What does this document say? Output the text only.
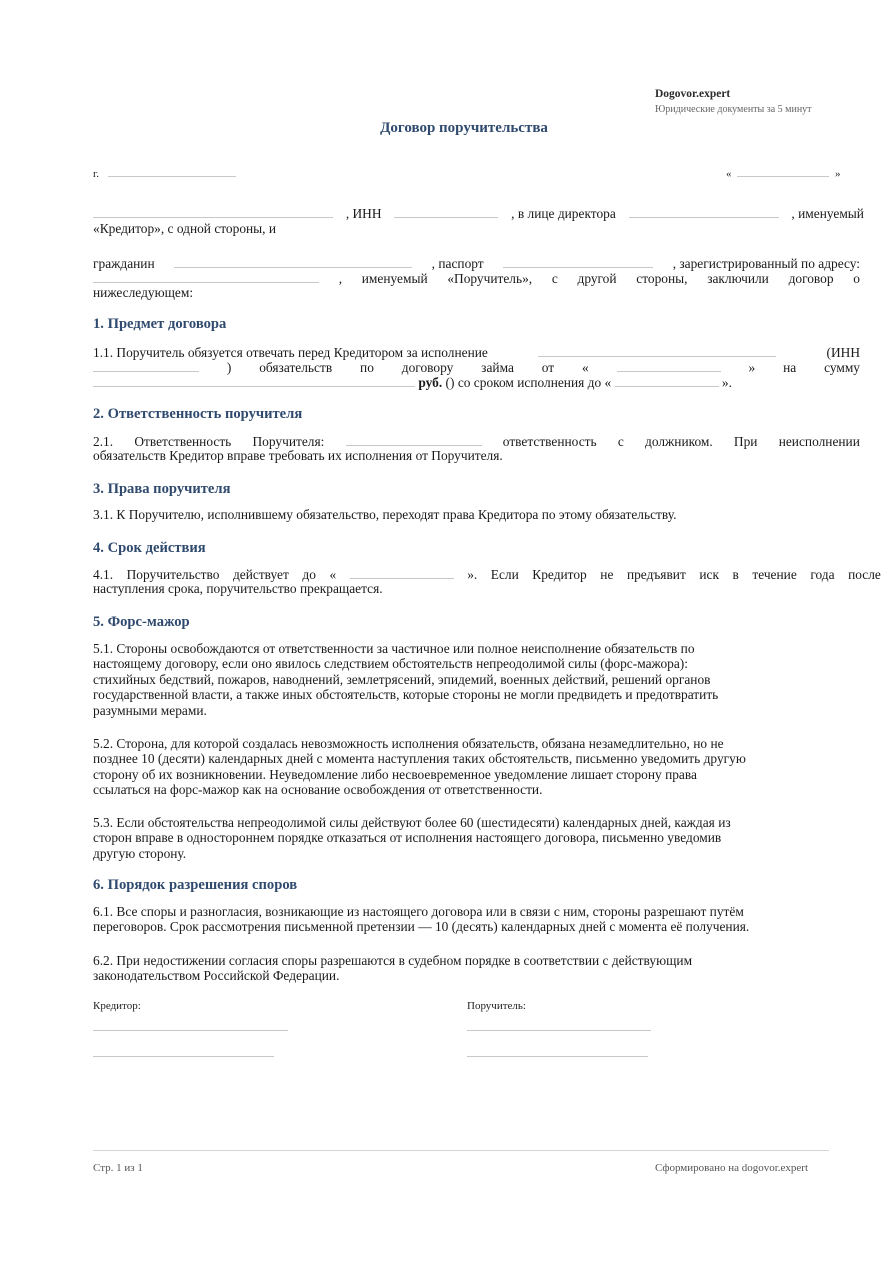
Dogovor.expert
Юридические документы за 5 минут
Договор поручительства
г.	«	»
, ИНН	, в лице директора	, именуемый
«Кредитор», с одной стороны, и
гражданин	, паспорт	, зарегистрированный по адресу:
, именуемый «Поручитель», с другой стороны, заключили договор о
нижеследующем:
1. Предмет договора
1.1. Поручитель обязуется отвечать перед Кредитором за исполнение	(ИНН
) обязательств по договору займа от «	» на сумму
руб. () со сроком исполнения до «	».
2. Ответственность поручителя
2.1. Ответственность Поручителя:	ответственность с должником. При неисполнении
обязательств Кредитор вправе требовать их исполнения от Поручителя.
3. Права поручителя
3.1. К Поручителю, исполнившему обязательство, переходят права Кредитора по этому обязательству.
4. Срок действия
4.1. Поручительство действует до «	». Если Кредитор не предъявит иск в течение года после
наступления срока, поручительство прекращается.
5. Форс-мажор
5.1. Стороны освобождаются от ответственности за частичное или полное неисполнение обязательств по
настоящему договору, если оно явилось следствием обстоятельств непреодолимой силы (форс-мажора):
стихийных бедствий, пожаров, наводнений, землетрясений, эпидемий, военных действий, решений органов
государственной власти, а также иных обстоятельств, которые стороны не могли предвидеть и предотвратить
разумными мерами.
5.2. Сторона, для которой создалась невозможность исполнения обязательств, обязана незамедлительно, но не
позднее 10 (десяти) календарных дней с момента наступления таких обстоятельств, письменно уведомить другую
сторону об их возникновении. Неуведомление либо несвоевременное уведомление лишает сторону права
ссылаться на форс-мажор как на основание освобождения от ответственности.
5.3. Если обстоятельства непреодолимой силы действуют более 60 (шестидесяти) календарных дней, каждая из
сторон вправе в одностороннем порядке отказаться от исполнения настоящего договора, письменно уведомив
другую сторону.
6. Порядок разрешения споров
6.1. Все споры и разногласия, возникающие из настоящего договора или в связи с ним, стороны разрешают путём
переговоров. Срок рассмотрения письменной претензии — 10 (десять) календарных дней с момента её получения.
6.2. При недостижении согласия споры разрешаются в судебном порядке в соответствии с действующим
законодательством Российской Федерации.
Кредитор:	Поручитель:
Стр. 1 из 1	Сформировано на dogovor.expert
